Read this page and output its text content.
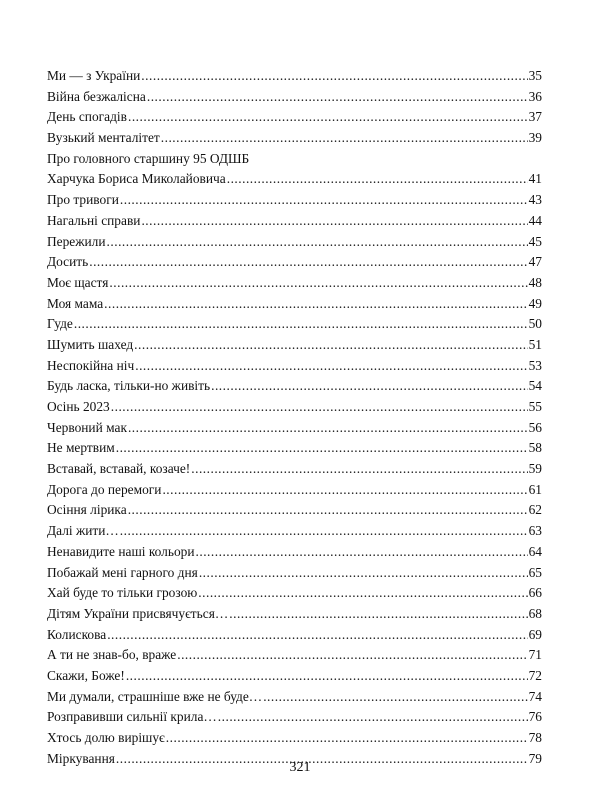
Ми — з України .....	35
Війна безжалісна .....	36
День спогадів .....	37
Вузький менталітет .....	39
Про головного старшину 95 ОДШБ
Харчука Бориса Миколайовича .....	41
Про тривоги .....	43
Нагальні справи .....	44
Пережили .....	45
Досить .....	47
Моє щастя .....	48
Моя мама .....	49
Гуде .....	50
Шумить шахед .....	51
Неспокійна ніч .....	53
Будь ласка, тільки-но живіть .....	54
Осінь 2023 .....	55
Червоний мак .....	56
Не мертвим .....	58
Вставай, вставай, козаче! .....	59
Дорога до перемоги .....	61
Осіння лірика .....	62
Далі жити… .....	63
Ненавидите наші кольори .....	64
Побажай мені гарного дня .....	65
Хай буде то тільки грозою .....	66
Дітям України присвячується… .....	68
Колискова .....	69
А ти не знав-бо, враже .....	71
Скажи, Боже! .....	72
Ми думали, страшніше вже не буде… .....	74
Розправивши сильнії крила… .....	76
Хтось долю вирішує .....	78
Міркування .....	79
321
